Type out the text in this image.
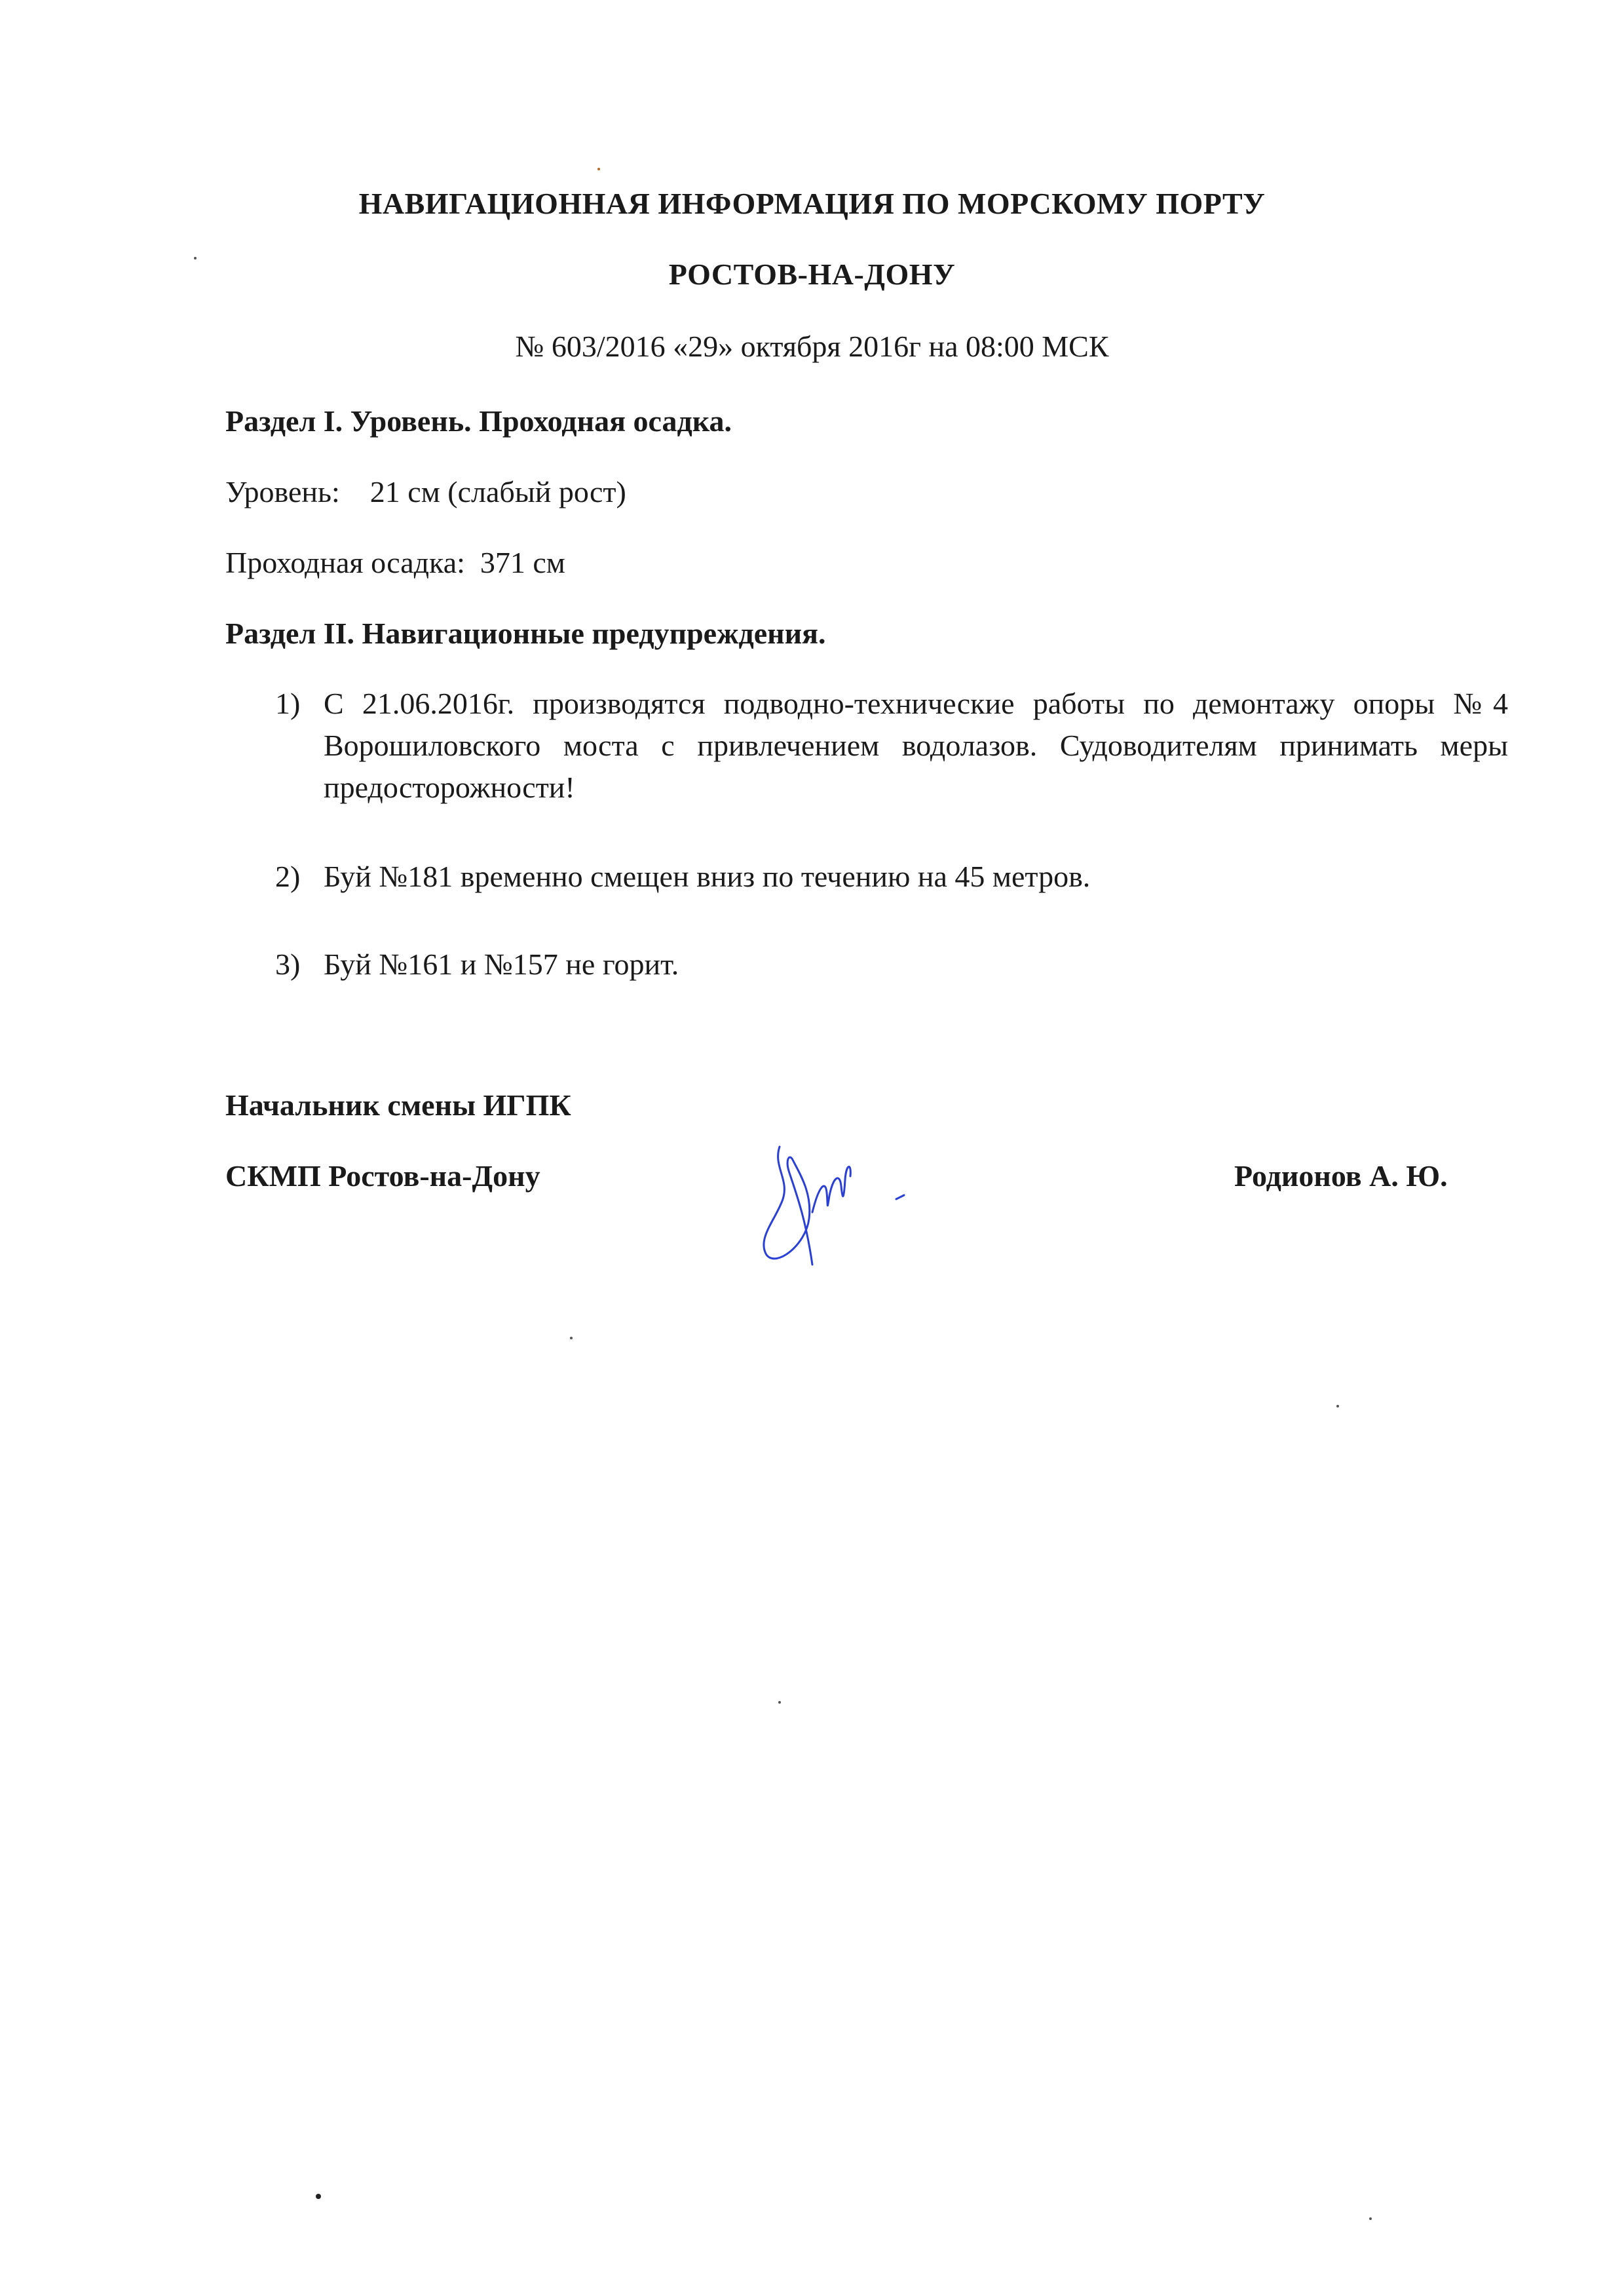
НАВИГАЦИОННАЯ ИНФОРМАЦИЯ ПО МОРСКОМУ ПОРТУ
РОСТОВ-НА-ДОНУ
№ 603/2016 «29» октября 2016г на 08:00 МСК
Раздел I. Уровень. Проходная осадка.
Уровень: 21 см (слабый рост)
Проходная осадка: 371 см
Раздел II. Навигационные предупреждения.
1) С 21.06.2016г. производятся подводно-технические работы по демонтажу опоры №4 Ворошиловского моста с привлечением водолазов. Судоводителям принимать меры предосторожности!
2) Буй №181 временно смещен вниз по течению на 45 метров.
3) Буй №161 и №157 не горит.
Начальник смены ИГПК
СКМП Ростов-на-Дону	Родионов А. Ю.
